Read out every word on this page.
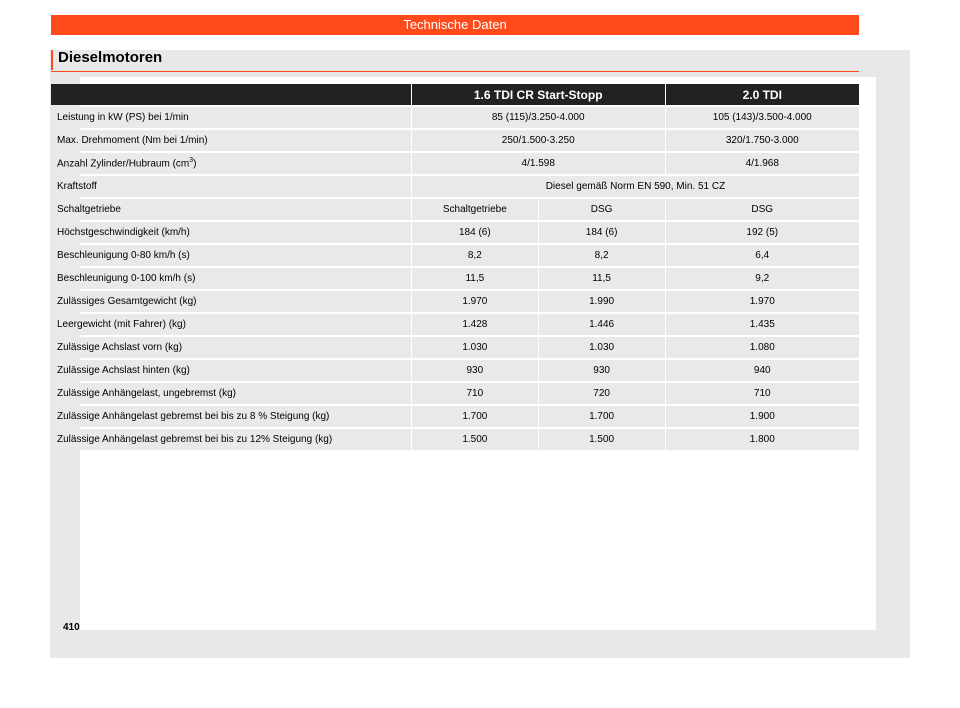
Technische Daten
Dieselmotoren
	1.6 TDI CR Start-Stopp		2.0 TDI
Leistung in kW (PS) bei 1/min	85 (115)/3.250-4.000		105 (143)/3.500-4.000
Max. Drehmoment (Nm bei 1/min)	250/1.500-3.250		320/1.750-3.000
Anzahl Zylinder/Hubraum $(cm^3)$	4/1.598		4/1.968
Kraftstoff	Diesel gemäß Norm EN 590, Min. 51 CZ		
Schaltgetriebe	Schaltgetriebe	DSG	DSG
Höchstgeschwindigkeit (km/h)	184 (6)	184 (6)	192 (5)
Beschleunigung 0-80 km/h (s)	8,2	8,2	6,4
Beschleunigung 0-100 km/h (s)	11,5	11,5	9,2
Zulässiges Gesamtgewicht (kg)	1.970	1.990	1.970
Leergewicht (mit Fahrer) (kg)	1.428	1.446	1.435
Zulässige Achslast vorn (kg)	1.030	1.030	1.080
Zulässige Achslast hinten (kg)	930	930	940
Zulässige Anhängelast, ungebremst (kg)	710	720	710
Zulässige Anhängelast gebremst bei bis zu 8 % Steigung (kg)	1.700	1.700	1.900
Zulässige Anhängelast gebremst bei bis zu 12% Steigung (kg)	1.500	1.500	1.800
410
